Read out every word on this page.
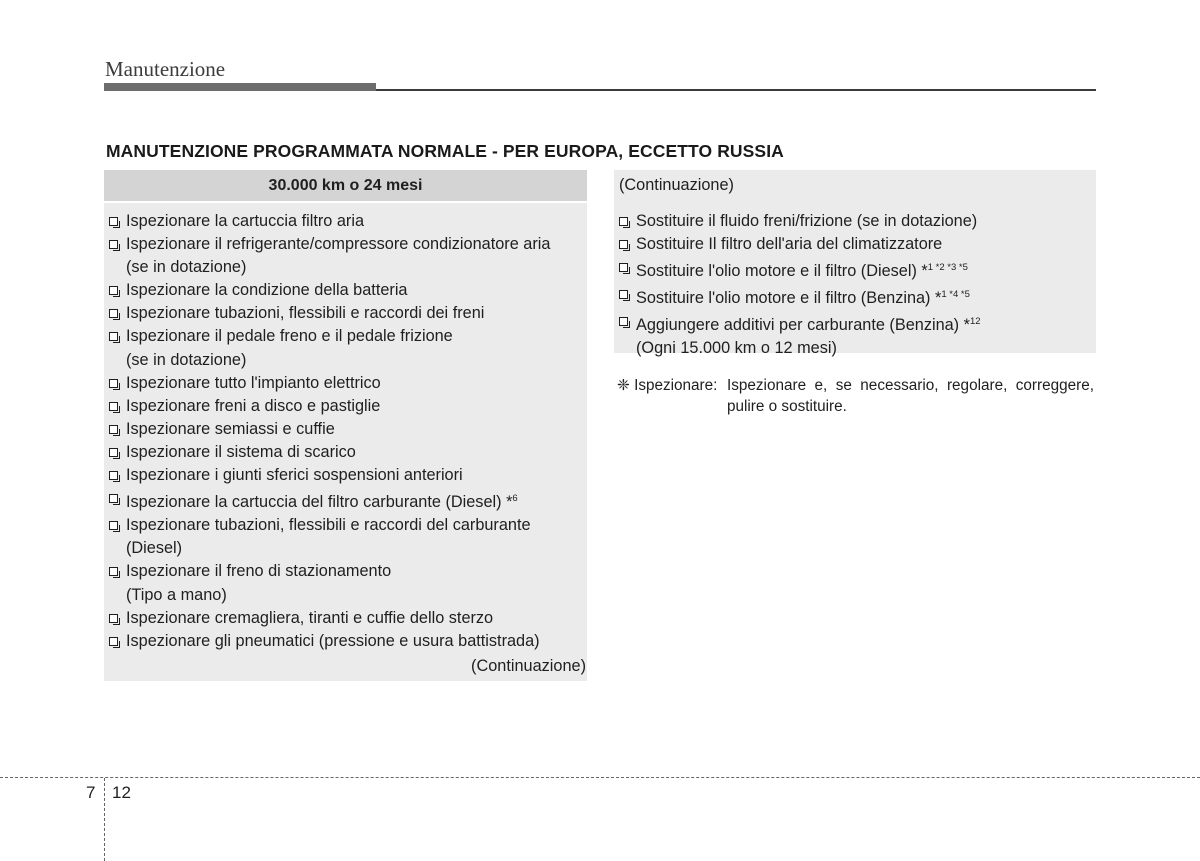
Manutenzione
MANUTENZIONE PROGRAMMATA NORMALE - PER EUROPA, ECCETTO RUSSIA
30.000 km o 24 mesi
Ispezionare la cartuccia filtro aria
Ispezionare il refrigerante/compressore condizionatore aria
(se in dotazione)
Ispezionare la condizione della batteria
Ispezionare tubazioni, flessibili e raccordi dei freni
Ispezionare il pedale freno e il pedale frizione
(se in dotazione)
Ispezionare tutto l'impianto elettrico
Ispezionare freni a disco e pastiglie
Ispezionare semiassi e cuffie
Ispezionare il sistema di scarico
Ispezionare i giunti sferici sospensioni anteriori
Ispezionare la cartuccia del filtro carburante (Diesel) *$^6$
Ispezionare tubazioni, flessibili e raccordi del carburante
(Diesel)
Ispezionare il freno di stazionamento
(Tipo a mano)
Ispezionare cremagliera, tiranti e cuffie dello sterzo
Ispezionare gli pneumatici (pressione e usura battistrada)
(Continuazione)
(Continuazione)
Sostituire il fluido freni/frizione (se in dotazione)
Sostituire Il filtro dell'aria del climatizzatore
Sostituire l'olio motore e il filtro (Diesel) *$^{1 *2 *3 *5}$
Sostituire l'olio motore e il filtro (Benzina) *$^{1 *4 *5}$
Aggiungere additivi per carburante (Benzina) *$^{12}$
(Ogni 15.000 km o 12 mesi)
❈ Ispezionare: Ispezionare e, se necessario, regolare, correggere, pulire o sostituire.
7 12
